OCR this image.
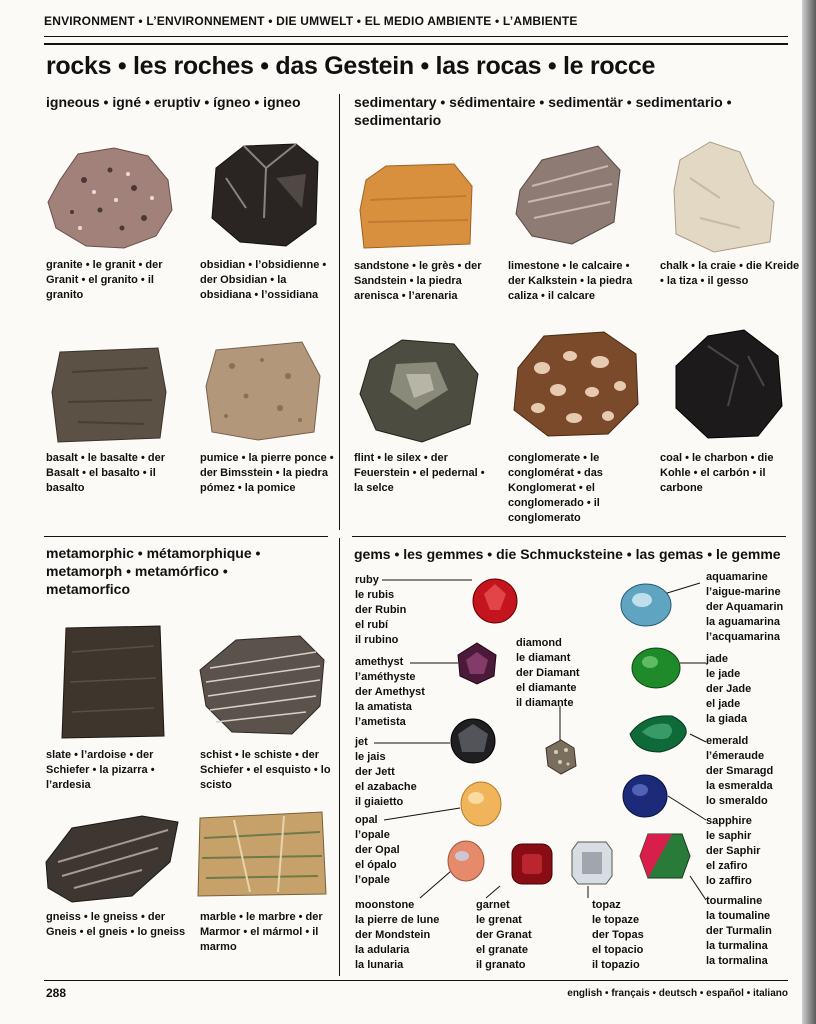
ENVIRONMENT • L’ENVIRONNEMENT • DIE UMWELT • EL MEDIO AMBIENTE • L’AMBIENTE
rocks • les roches • das Gestein • las rocas • le rocce
igneous • igné • eruptiv • ígneo • igneo	sedimentary • sédimentaire • sedimentär • sedimentario • sedimentario
metamorphic • métamorphique • metamorph • metamórfico • metamorfico
gems • les gemmes • die Schmucksteine • las gemas • le gemme
granite • le granit • der Granit • el granito • il granito
obsidian • l’obsidienne • der Obsidian • la obsidiana • l’ossidiana
basalt • le basalte • der Basalt • el basalto • il basalto
pumice • la pierre ponce • der Bimsstein • la piedra pómez • la pomice
sandstone • le grès • der Sandstein • la piedra arenisca • l’arenaria
limestone • le calcaire • der Kalkstein • la piedra caliza • il calcare
chalk • la craie • die Kreide • la tiza • il gesso
flint • le silex • der Feuerstein • el pedernal • la selce
conglomerate • le conglomérat • das Konglomerat • el conglomerado • il conglomerato
coal • le charbon • die Kohle • el carbón • il carbone
slate • l’ardoise • der Schiefer • la pizarra • l’ardesia
schist • le schiste • der Schiefer • el esquisto • lo scisto
gneiss • le gneiss • der Gneis • el gneis • lo gneiss
marble • le marbre • der Marmor • el mármol • il marmo
ruby
le rubis
der Rubin
el rubí
il rubino
amethyst
l’améthyste
der Amethyst
la amatista
l’ametista
jet
le jais
der Jett
el azabache
il giaietto
opal
l’opale
der Opal
el ópalo
l’opale
moonstone
la pierre de lune
der Mondstein
la adularia
la lunaria
garnet
le grenat
der Granat
el granate
il granato
topaz
le topaze
der Topas
el topacio
il topazio
diamond
le diamant
der Diamant
el diamante
il diamante
aquamarine
l’aigue-marine
der Aquamarin
la aguamarina
l’acquamarina
jade
le jade
der Jade
el jade
la giada
emerald
l’émeraude
der Smaragd
la esmeralda
lo smeraldo
sapphire
le saphir
der Saphir
el zafiro
lo zaffiro
tourmaline
la toumaline
der Turmalin
la turmalina
la tormalina
288	english • français • deutsch • español • italiano
